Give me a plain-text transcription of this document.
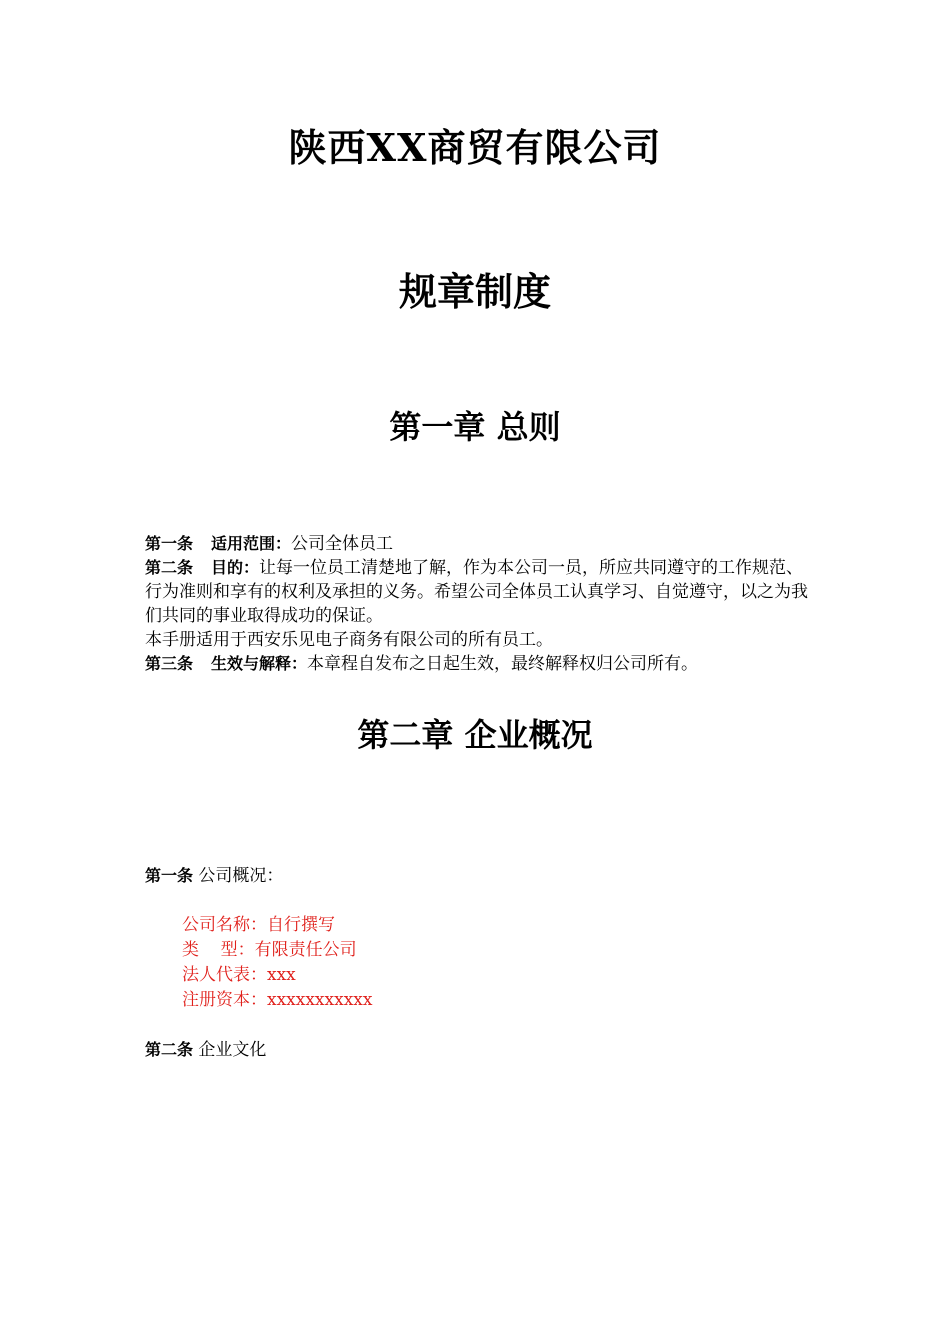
陕西XX商贸有限公司
规章制度
第一章 总则
第一条 适用范围：公司全体员工
第二条 目的：让每一位员工清楚地了解，作为本公司一员，所应共同遵守的工作规范、行为准则和享有的权利及承担的义务。希望公司全体员工认真学习、自觉遵守，以之为我们共同的事业取得成功的保证。
本手册适用于西安乐见电子商务有限公司的所有员工。
第三条 生效与解释：本章程自发布之日起生效，最终解释权归公司所有。
第二章 企业概况
第一条 公司概况：
公司名称：自行撰写
类    型：有限责任公司
法人代表：xxx
注册资本：xxxxxxxxxxx
第二条 企业文化
